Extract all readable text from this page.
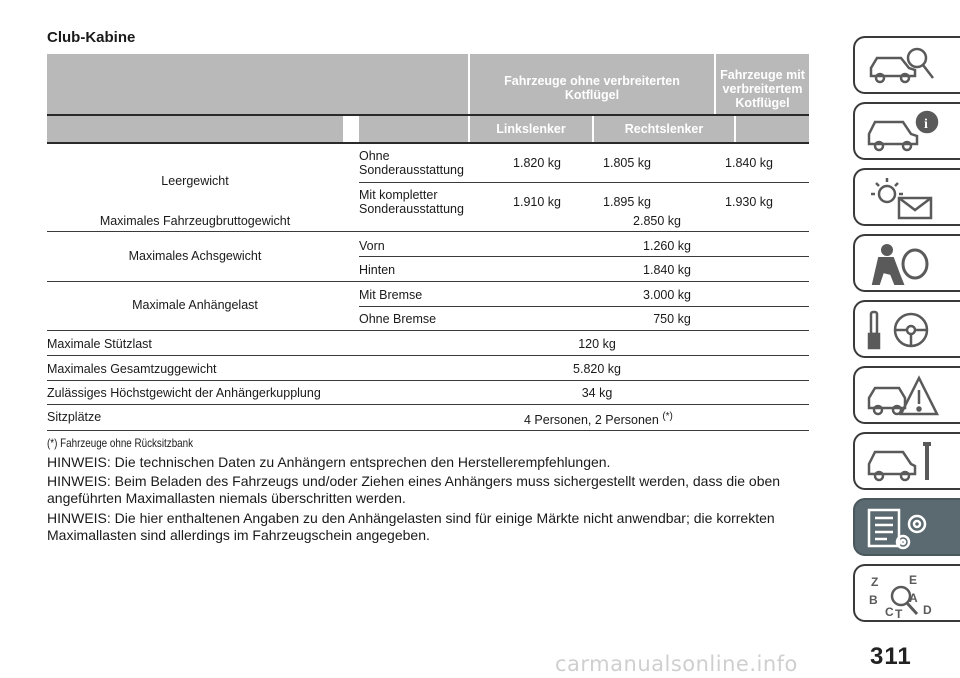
Club-Kabine
Fahrzeuge ohne verbreiterten Kotflügel
Fahrzeuge mit verbreitertem Kotflügel
Linkslenker	Rechtslenker
Leergewicht
Ohne
Sonderausstattung	1.820 kg	1.805 kg	1.840 kg
Mit kompletter
Sonderausstattung	1.910 kg	1.895 kg	1.930 kg
Maximales Fahrzeugbruttogewicht	2.850 kg
Maximales Achsgewicht
Vorn	1.260 kg
Hinten	1.840 kg
Maximale Anhängelast
Mit Bremse	3.000 kg
Ohne Bremse	750 kg
Maximale Stützlast	120 kg
Maximales Gesamtzuggewicht	5.820 kg
Zulässiges Höchstgewicht der Anhängerkupplung	34 kg
Sitzplätze	4 Personen, 2 Personen (*)
(*) Fahrzeuge ohne Rücksitzbank
HINWEIS: Die technischen Daten zu Anhängern entsprechen den Herstellerempfehlungen.
HINWEIS: Beim Beladen des Fahrzeugs und/oder Ziehen eines Anhängers muss sichergestellt werden, dass die oben angeführten Maximallasten niemals überschritten werden.
HINWEIS: Die hier enthaltenen Angaben zu den Anhängelasten sind für einige Märkte nicht anwendbar; die korrekten Maximallasten sind allerdings im Fahrzeugschein angegeben.
i
Z	E
B	A
C T D
311
carmanualsonline.info
